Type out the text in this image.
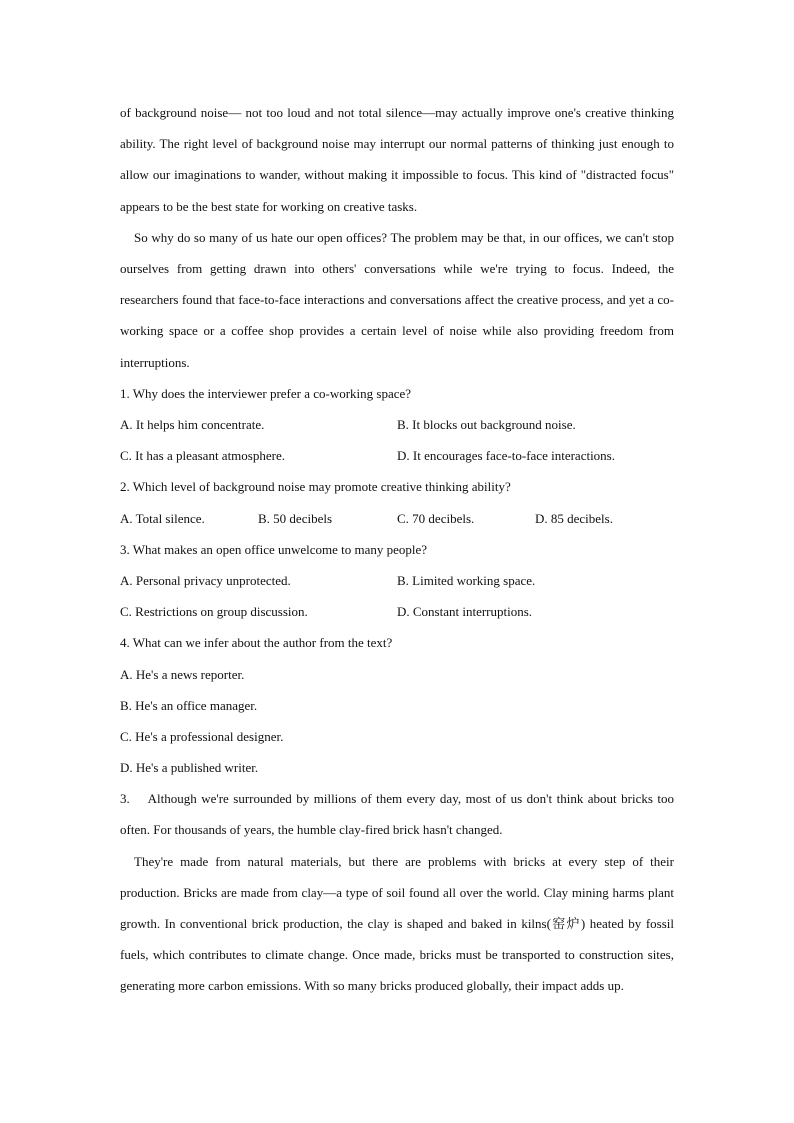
of background noise— not too loud and not total silence—may actually improve one's creative thinking ability. The right level of background noise may interrupt our normal patterns of thinking just enough to allow our imaginations to wander, without making it impossible to focus. This kind of "distracted focus" appears to be the best state for working on creative tasks.

So why do so many of us hate our open offices? The problem may be that, in our offices, we can't stop ourselves from getting drawn into others' conversations while we're trying to focus. Indeed, the researchers found that face-to-face interactions and conversations affect the creative process, and yet a co-working space or a coffee shop provides a certain level of noise while also providing freedom from interruptions.

1. Why does the interviewer prefer a co-working space?
A. It helps him concentrate.	B. It blocks out background noise.
C. It has a pleasant atmosphere.	D. It encourages face-to-face interactions.
2. Which level of background noise may promote creative thinking ability?
A. Total silence.	B. 50 decibels	C. 70 decibels.	D. 85 decibels.
3. What makes an open office unwelcome to many people?
A. Personal privacy unprotected.	B. Limited working space.
C. Restrictions on group discussion.	D. Constant interruptions.
4. What can we infer about the author from the text?
A. He's a news reporter.
B. He's an office manager.
C. He's a professional designer.
D. He's a published writer.

3. Although we're surrounded by millions of them every day, most of us don't think about bricks too often. For thousands of years, the humble clay-fired brick hasn't changed.

They're made from natural materials, but there are problems with bricks at every step of their production. Bricks are made from clay—a type of soil found all over the world. Clay mining harms plant growth. In conventional brick production, the clay is shaped and baked in kilns(窑炉) heated by fossil fuels, which contributes to climate change. Once made, bricks must be transported to construction sites, generating more carbon emissions. With so many bricks produced globally, their impact adds up.
